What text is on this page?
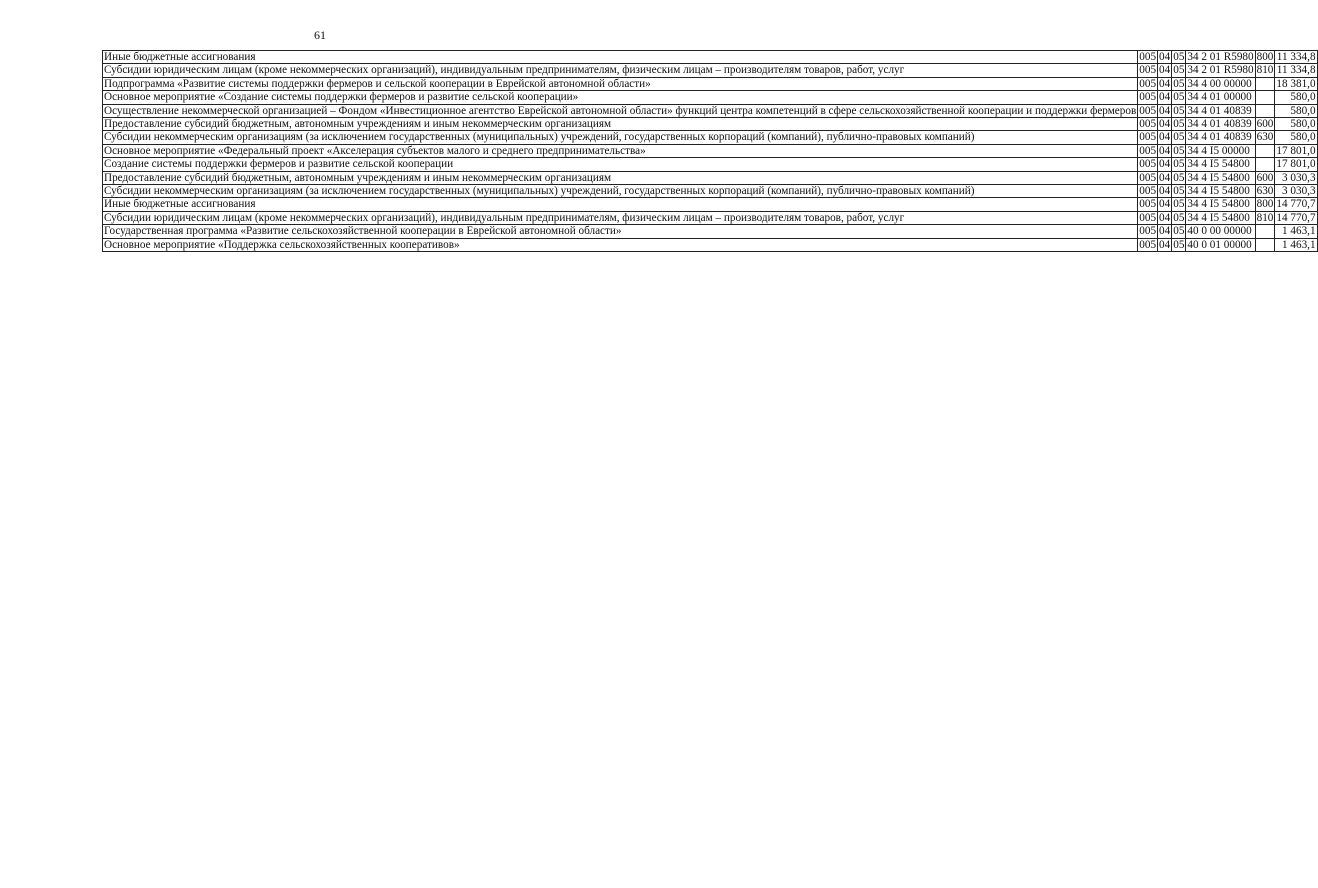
61
Иные бюджетные ассигнования	005	04	05	34 2 01 R5980	800	11 334,8
Субсидии юридическим лицам (кроме некоммерческих организаций), индивидуальным предпринимателям, физическим лицам – производителям товаров, работ, услуг	005	04	05	34 2 01 R5980	810	11 334,8
Подпрограмма «Развитие системы поддержки фермеров и сельской кооперации в Еврейской автономной области»	005	04	05	34 4 00 00000		18 381,0
Основное мероприятие «Создание системы поддержки фермеров и развитие сельской кооперации»	005	04	05	34 4 01 00000		580,0
Осуществление некоммерческой организацией – Фондом «Инвестиционное агентство Еврейской автономной области» функций центра компетенций в сфере сельскохозяйственной кооперации и поддержки фермеров	005	04	05	34 4 01 40839		580,0
Предоставление субсидий бюджетным, автономным учреждениям и иным некоммерческим организациям	005	04	05	34 4 01 40839	600	580,0
Субсидии некоммерческим организациям (за исключением государственных (муниципальных) учреждений, государственных корпораций (компаний), публично-правовых компаний)	005	04	05	34 4 01 40839	630	580,0
Основное мероприятие «Федеральный проект «Акселерация субъектов малого и среднего предпринимательства»	005	04	05	34 4 I5 00000		17 801,0
Создание системы поддержки фермеров и развитие сельской кооперации	005	04	05	34 4 I5 54800		17 801,0
Предоставление субсидий бюджетным, автономным учреждениям и иным некоммерческим организациям	005	04	05	34 4 I5 54800	600	3 030,3
Субсидии некоммерческим организациям (за исключением государственных (муниципальных) учреждений, государственных корпораций (компаний), публично-правовых компаний)	005	04	05	34 4 I5 54800	630	3 030,3
Иные бюджетные ассигнования	005	04	05	34 4 I5 54800	800	14 770,7
Субсидии юридическим лицам (кроме некоммерческих организаций), индивидуальным предпринимателям, физическим лицам – производителям товаров, работ, услуг	005	04	05	34 4 I5 54800	810	14 770,7
Государственная программа «Развитие сельскохозяйственной кооперации в Еврейской автономной области»	005	04	05	40 0 00 00000		1 463,1
Основное мероприятие «Поддержка сельскохозяйственных кооперативов»	005	04	05	40 0 01 00000		1 463,1
